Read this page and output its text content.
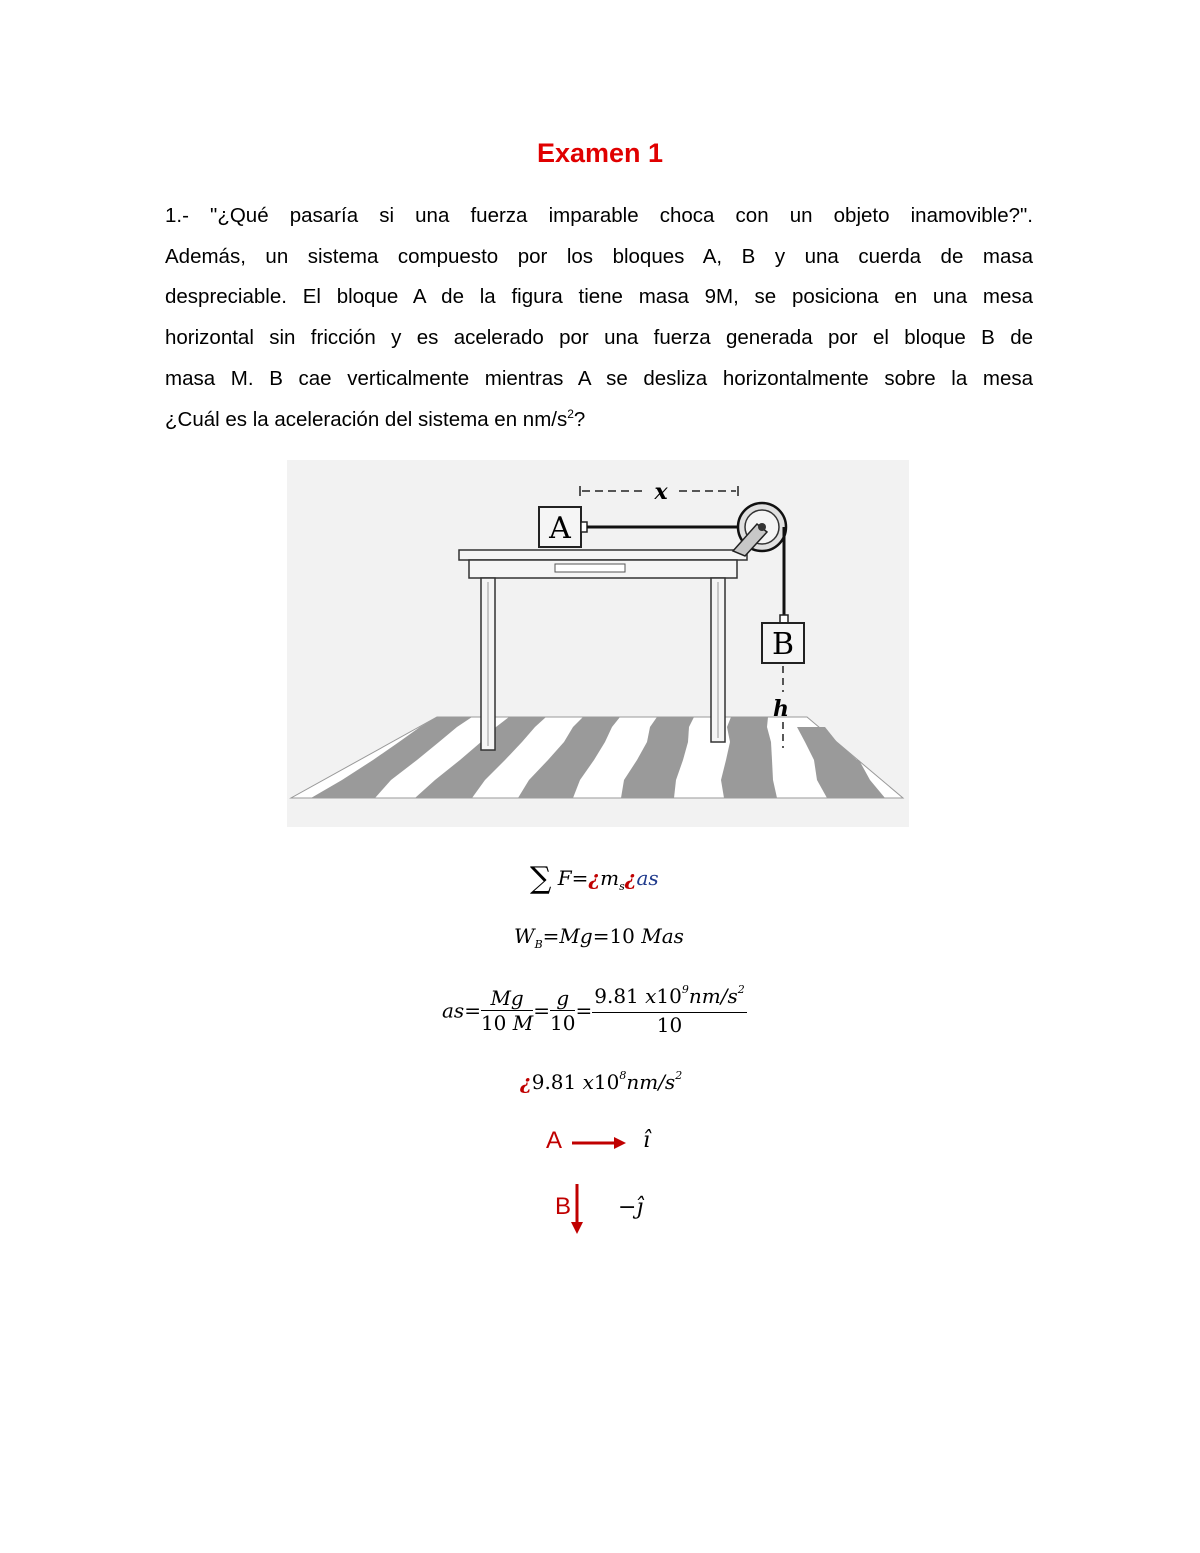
Examen 1
1.- "¿Qué pasaría si una fuerza imparable choca con un objeto inamovible?".
Además, un sistema compuesto por los bloques A, B y una cuerda de masa
despreciable. El bloque A de la figura tiene masa 9M, se posiciona en una mesa
horizontal sin fricción y es acelerado por una fuerza generada por el bloque B de
masa M. B cae verticalmente mientras A se desliza horizontalmente sobre la mesa
¿Cuál es la aceleración del sistema en $nm/s^2$?
A
B
x
h
∑ $F=¿m_s¿as$
$W_B=Mg=10$ Mas
$as= \frac{Mg}{10 M} = \frac{g}{10} = \frac{9.81 x10^9nm/s^2}{10}$
¿9.81 $x10^8nm/s^2$
A	î
B −ĵ
